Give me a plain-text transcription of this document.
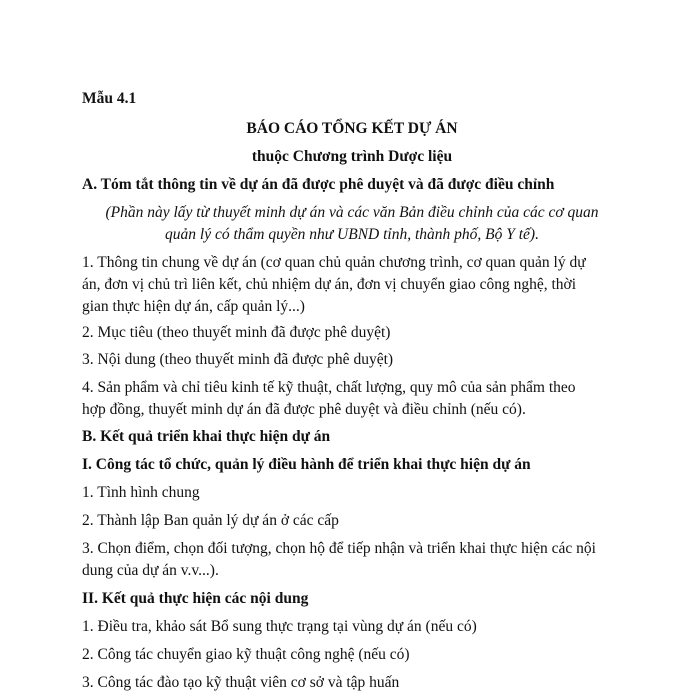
Mẫu 4.1

BÁO CÁO TỔNG KẾT DỰ ÁN

thuộc Chương trình Dược liệu

A. Tóm tắt thông tin về dự án đã được phê duyệt và đã được điều chỉnh

(Phần này lấy từ thuyết minh dự án và các văn Bản điều chỉnh của các cơ quan

quản lý có thẩm quyền như UBND tỉnh, thành phố, Bộ Y tế).

1. Thông tin chung về dự án (cơ quan chủ quản chương trình, cơ quan quản lý dự

án, đơn vị chủ trì liên kết, chủ nhiệm dự án, đơn vị chuyển giao công nghệ, thời

gian thực hiện dự án, cấp quản lý...)

2. Mục tiêu (theo thuyết minh đã được phê duyệt)

3. Nội dung (theo thuyết minh đã được phê duyệt)

4. Sản phẩm và chỉ tiêu kinh tế kỹ thuật, chất lượng, quy mô của sản phẩm theo

hợp đồng, thuyết minh dự án đã được phê duyệt và điều chỉnh (nếu có).

B. Kết quả triển khai thực hiện dự án

I. Công tác tổ chức, quản lý điều hành để triển khai thực hiện dự án

1. Tình hình chung

2. Thành lập Ban quản lý dự án ở các cấp

3. Chọn điểm, chọn đối tượng, chọn hộ để tiếp nhận và triển khai thực hiện các nội

dung của dự án v.v...).

II. Kết quả thực hiện các nội dung

1. Điều tra, khảo sát Bổ sung thực trạng tại vùng dự án (nếu có)

2. Công tác chuyển giao kỹ thuật công nghệ (nếu có)

3. Công tác đào tạo kỹ thuật viên cơ sở và tập huấn
